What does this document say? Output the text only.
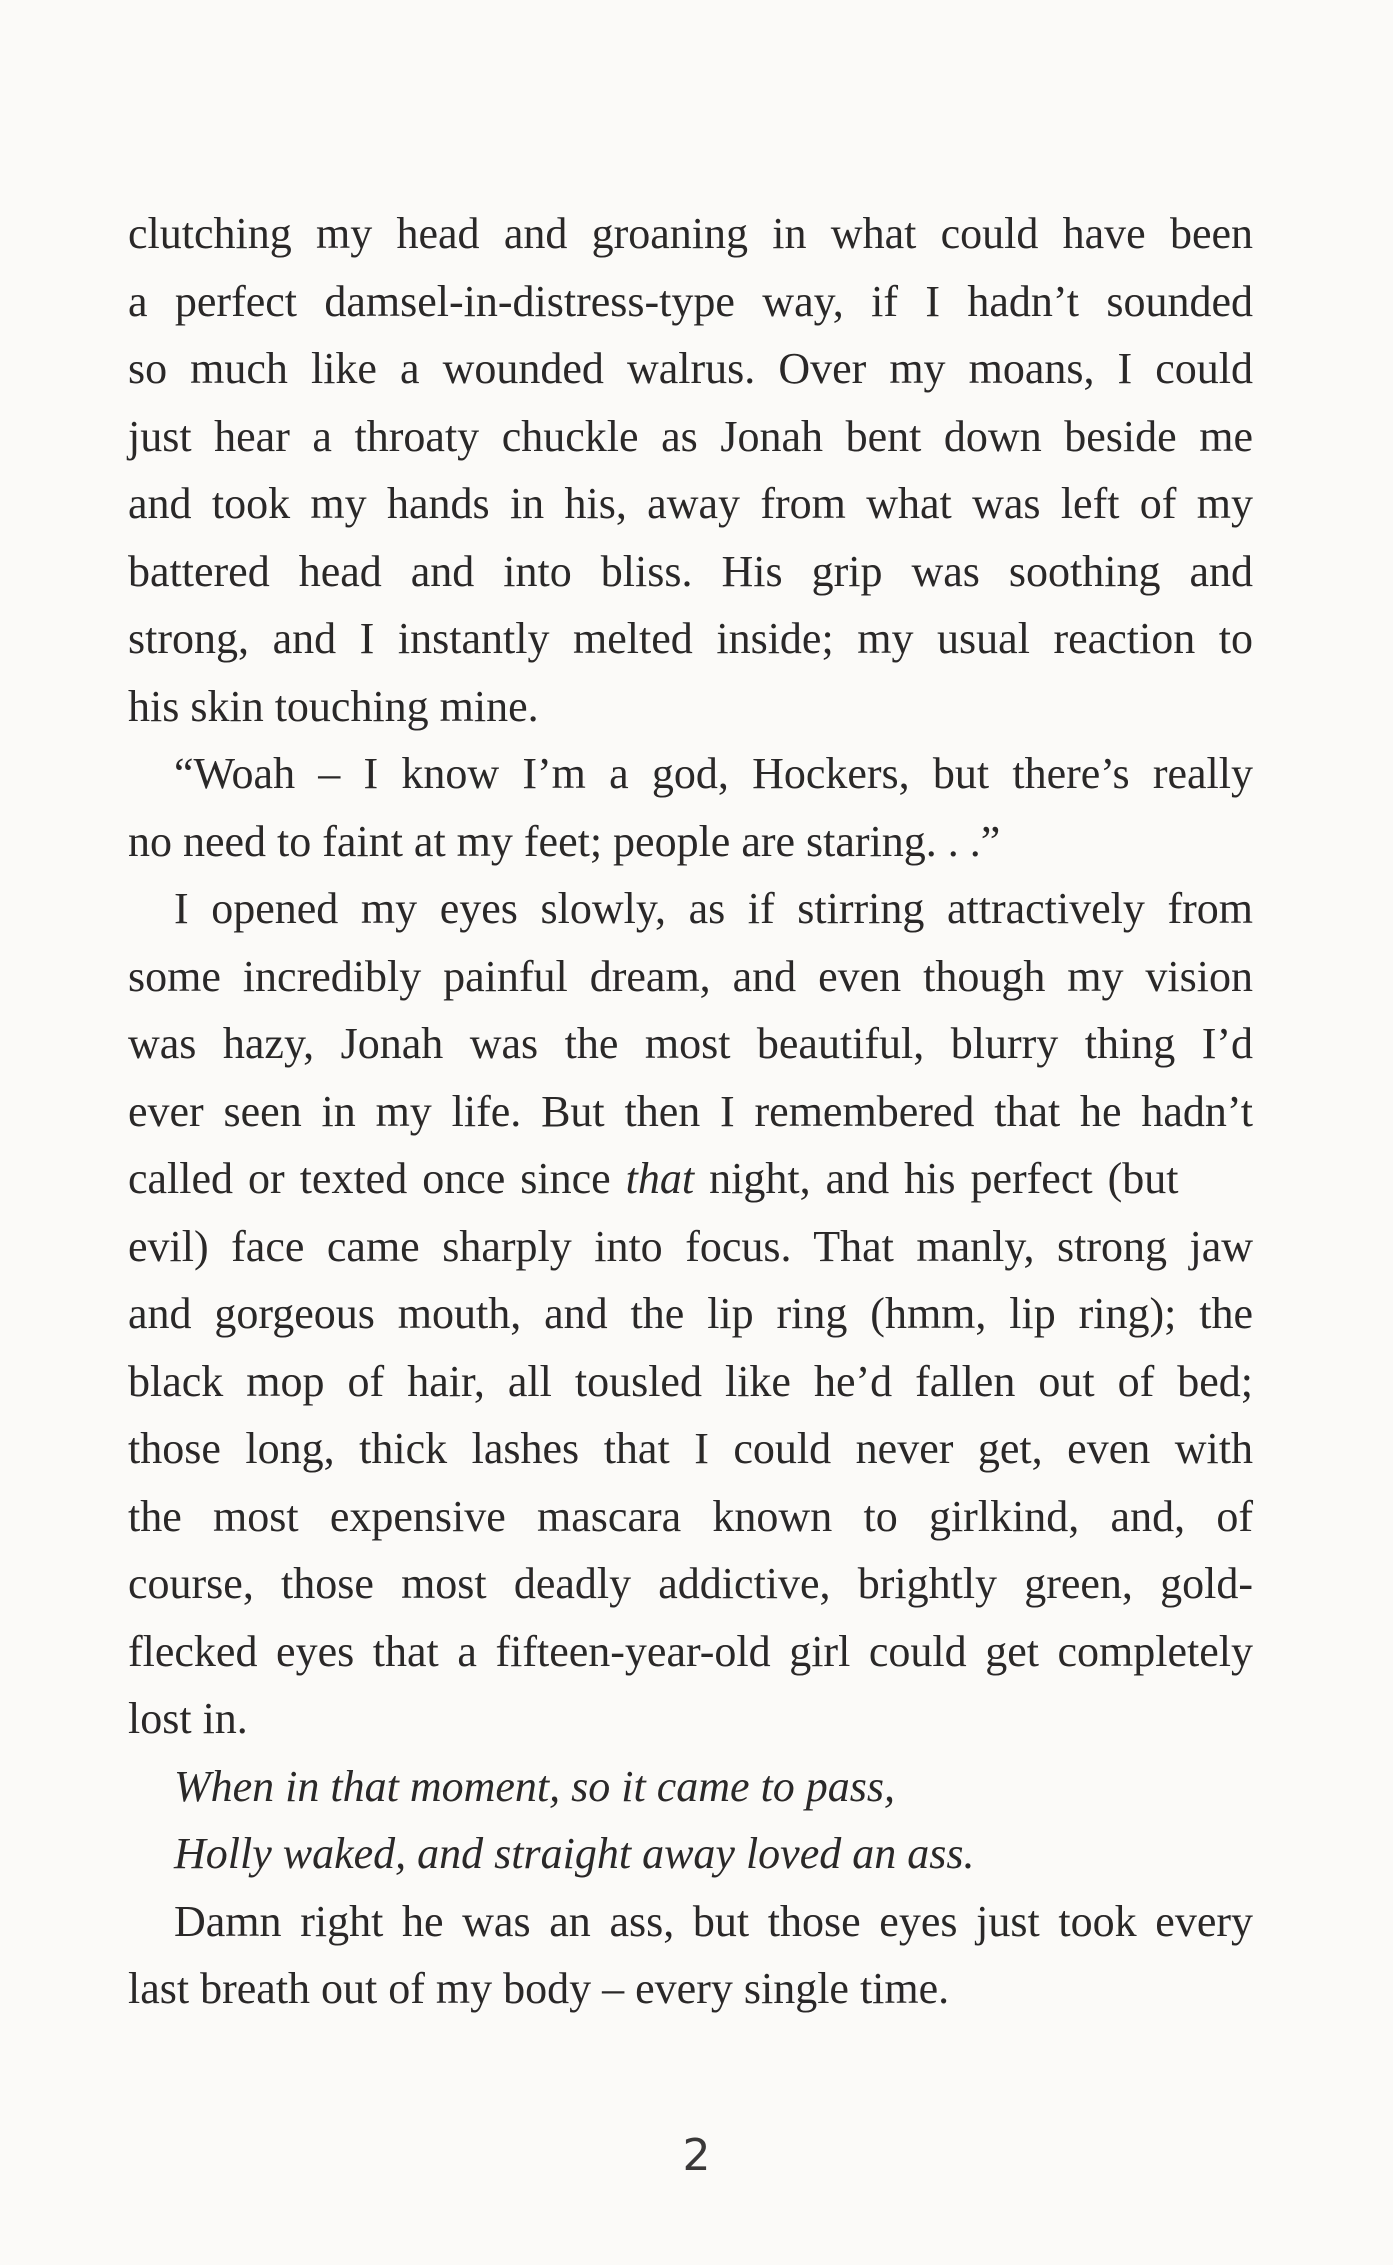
clutching my head and groaning in what could have been
a perfect damsel-in-distress-type way, if I hadn’t sounded
so much like a wounded walrus. Over my moans, I could
just hear a throaty chuckle as Jonah bent down beside me
and took my hands in his, away from what was left of my
battered head and into bliss. His grip was soothing and
strong, and I instantly melted inside; my usual reaction to
his skin touching mine.
“Woah – I know I’m a god, Hockers, but there’s really
no need to faint at my feet; people are staring. . .”
I opened my eyes slowly, as if stirring attractively from
some incredibly painful dream, and even though my vision
was hazy, Jonah was the most beautiful, blurry thing I’d
ever seen in my life. But then I remembered that he hadn’t
called or texted once since that night, and his perfect (but
evil) face came sharply into focus. That manly, strong jaw
and gorgeous mouth, and the lip ring (hmm, lip ring); the
black mop of hair, all tousled like he’d fallen out of bed;
those long, thick lashes that I could never get, even with
the most expensive mascara known to girlkind, and, of
course, those most deadly addictive, brightly green, gold-
flecked eyes that a fifteen-year-old girl could get completely
lost in.
When in that moment, so it came to pass,
Holly waked, and straight away loved an ass.
Damn right he was an ass, but those eyes just took every
last breath out of my body – every single time.
2
